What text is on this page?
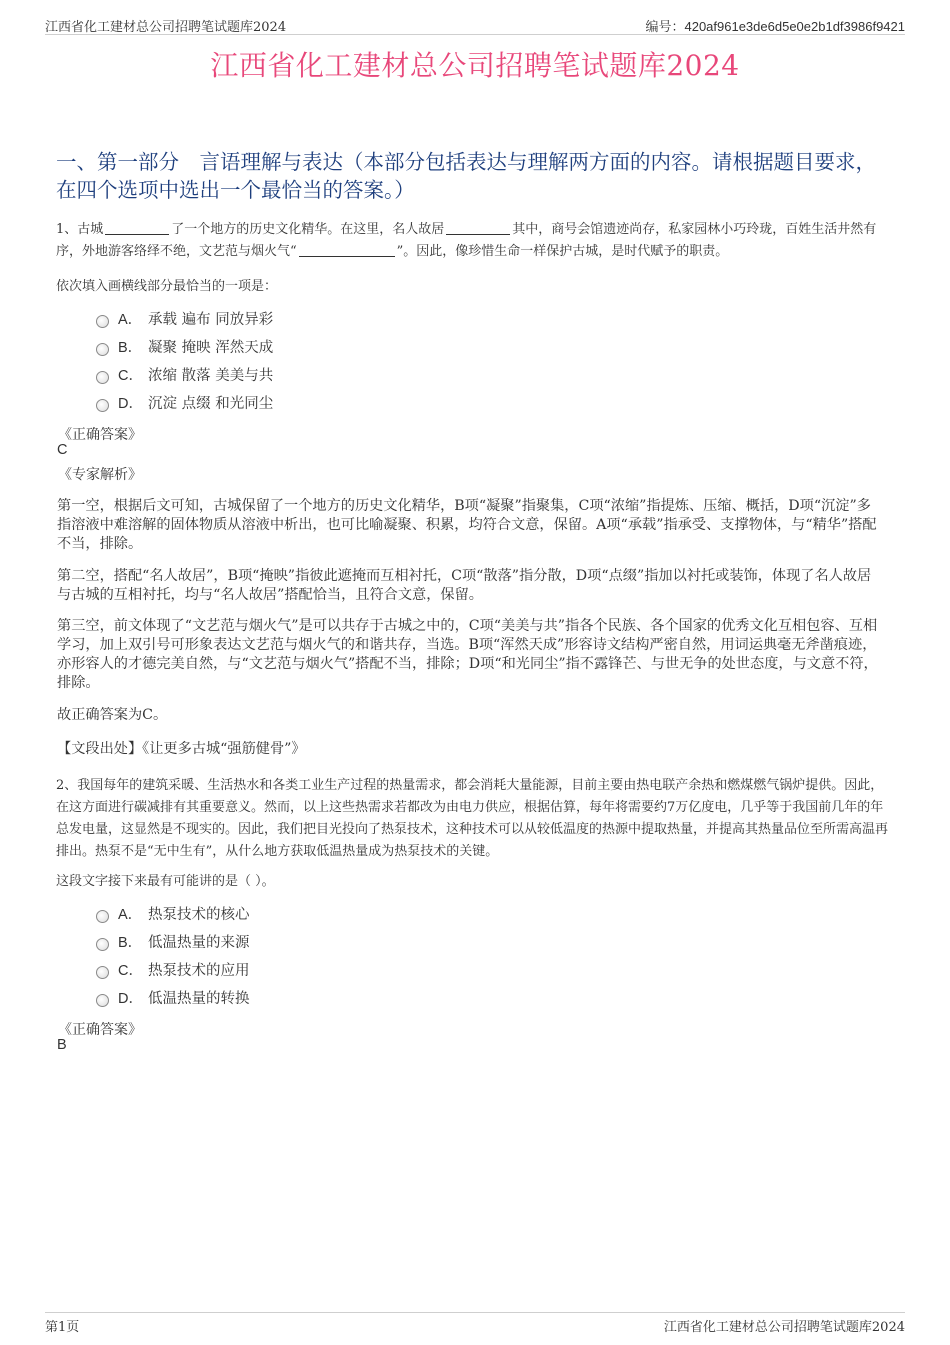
江西省化工建材总公司招聘笔试题库2024	编号：420af961e3de6d5e0e2b1df3986f9421
江西省化工建材总公司招聘笔试题库2024
一、第一部分　言语理解与表达（本部分包括表达与理解两方面的内容。请根据题目要求，在四个选项中选出一个最恰当的答案。）
1、古城	了一个地方的历史文化精华。在这里，名人故居	其中，商号会馆遗迹尚存，私家园林小巧玲珑，百姓生活井然有序，外地游客络绎不绝，文艺范与烟火气“	”。因此，像珍惜生命一样保护古城，是时代赋予的职责。
依次填入画横线部分最恰当的一项是：
A． 承载 遍布 同放异彩
B． 凝聚 掩映 浑然天成
C． 浓缩 散落 美美与共
D． 沉淀 点缀 和光同尘
《正确答案》
C
《专家解析》
第一空，根据后文可知，古城保留了一个地方的历史文化精华，B项“凝聚”指聚集，C项“浓缩”指提炼、压缩、概括，D项“沉淀”多指溶液中难溶解的固体物质从溶液中析出，也可比喻凝聚、积累，均符合文意，保留。A项“承载”指承受、支撑物体，与“精华”搭配不当，排除。
第二空，搭配“名人故居”，B项“掩映”指彼此遮掩而互相衬托，C项“散落”指分散，D项“点缀”指加以衬托或装饰，体现了名人故居与古城的互相衬托，均与“名人故居”搭配恰当，且符合文意，保留。
第三空，前文体现了“文艺范与烟火气”是可以共存于古城之中的，C项“美美与共”指各个民族、各个国家的优秀文化互相包容、互相学习，加上双引号可形象表达文艺范与烟火气的和谐共存，当选。B项“浑然天成”形容诗文结构严密自然，用词运典毫无斧凿痕迹，亦形容人的才德完美自然，与“文艺范与烟火气”搭配不当，排除；D项“和光同尘”指不露锋芒、与世无争的处世态度，与文意不符，排除。
故正确答案为C。
【文段出处】《让更多古城“强筋健骨”》
2、我国每年的建筑采暖、生活热水和各类工业生产过程的热量需求，都会消耗大量能源，目前主要由热电联产余热和燃煤燃气锅炉提供。因此，在这方面进行碳减排有其重要意义。然而，以上这些热需求若都改为由电力供应，根据估算，每年将需要约7万亿度电，几乎等于我国前几年的年总发电量，这显然是不现实的。因此，我们把目光投向了热泵技术，这种技术可以从较低温度的热源中提取热量，并提高其热量品位至所需高温再排出。热泵不是“无中生有”，从什么地方获取低温热量成为热泵技术的关键。
这段文字接下来最有可能讲的是（ ）。
A． 热泵技术的核心
B． 低温热量的来源
C． 热泵技术的应用
D． 低温热量的转换
《正确答案》
B
第1页	江西省化工建材总公司招聘笔试题库2024
